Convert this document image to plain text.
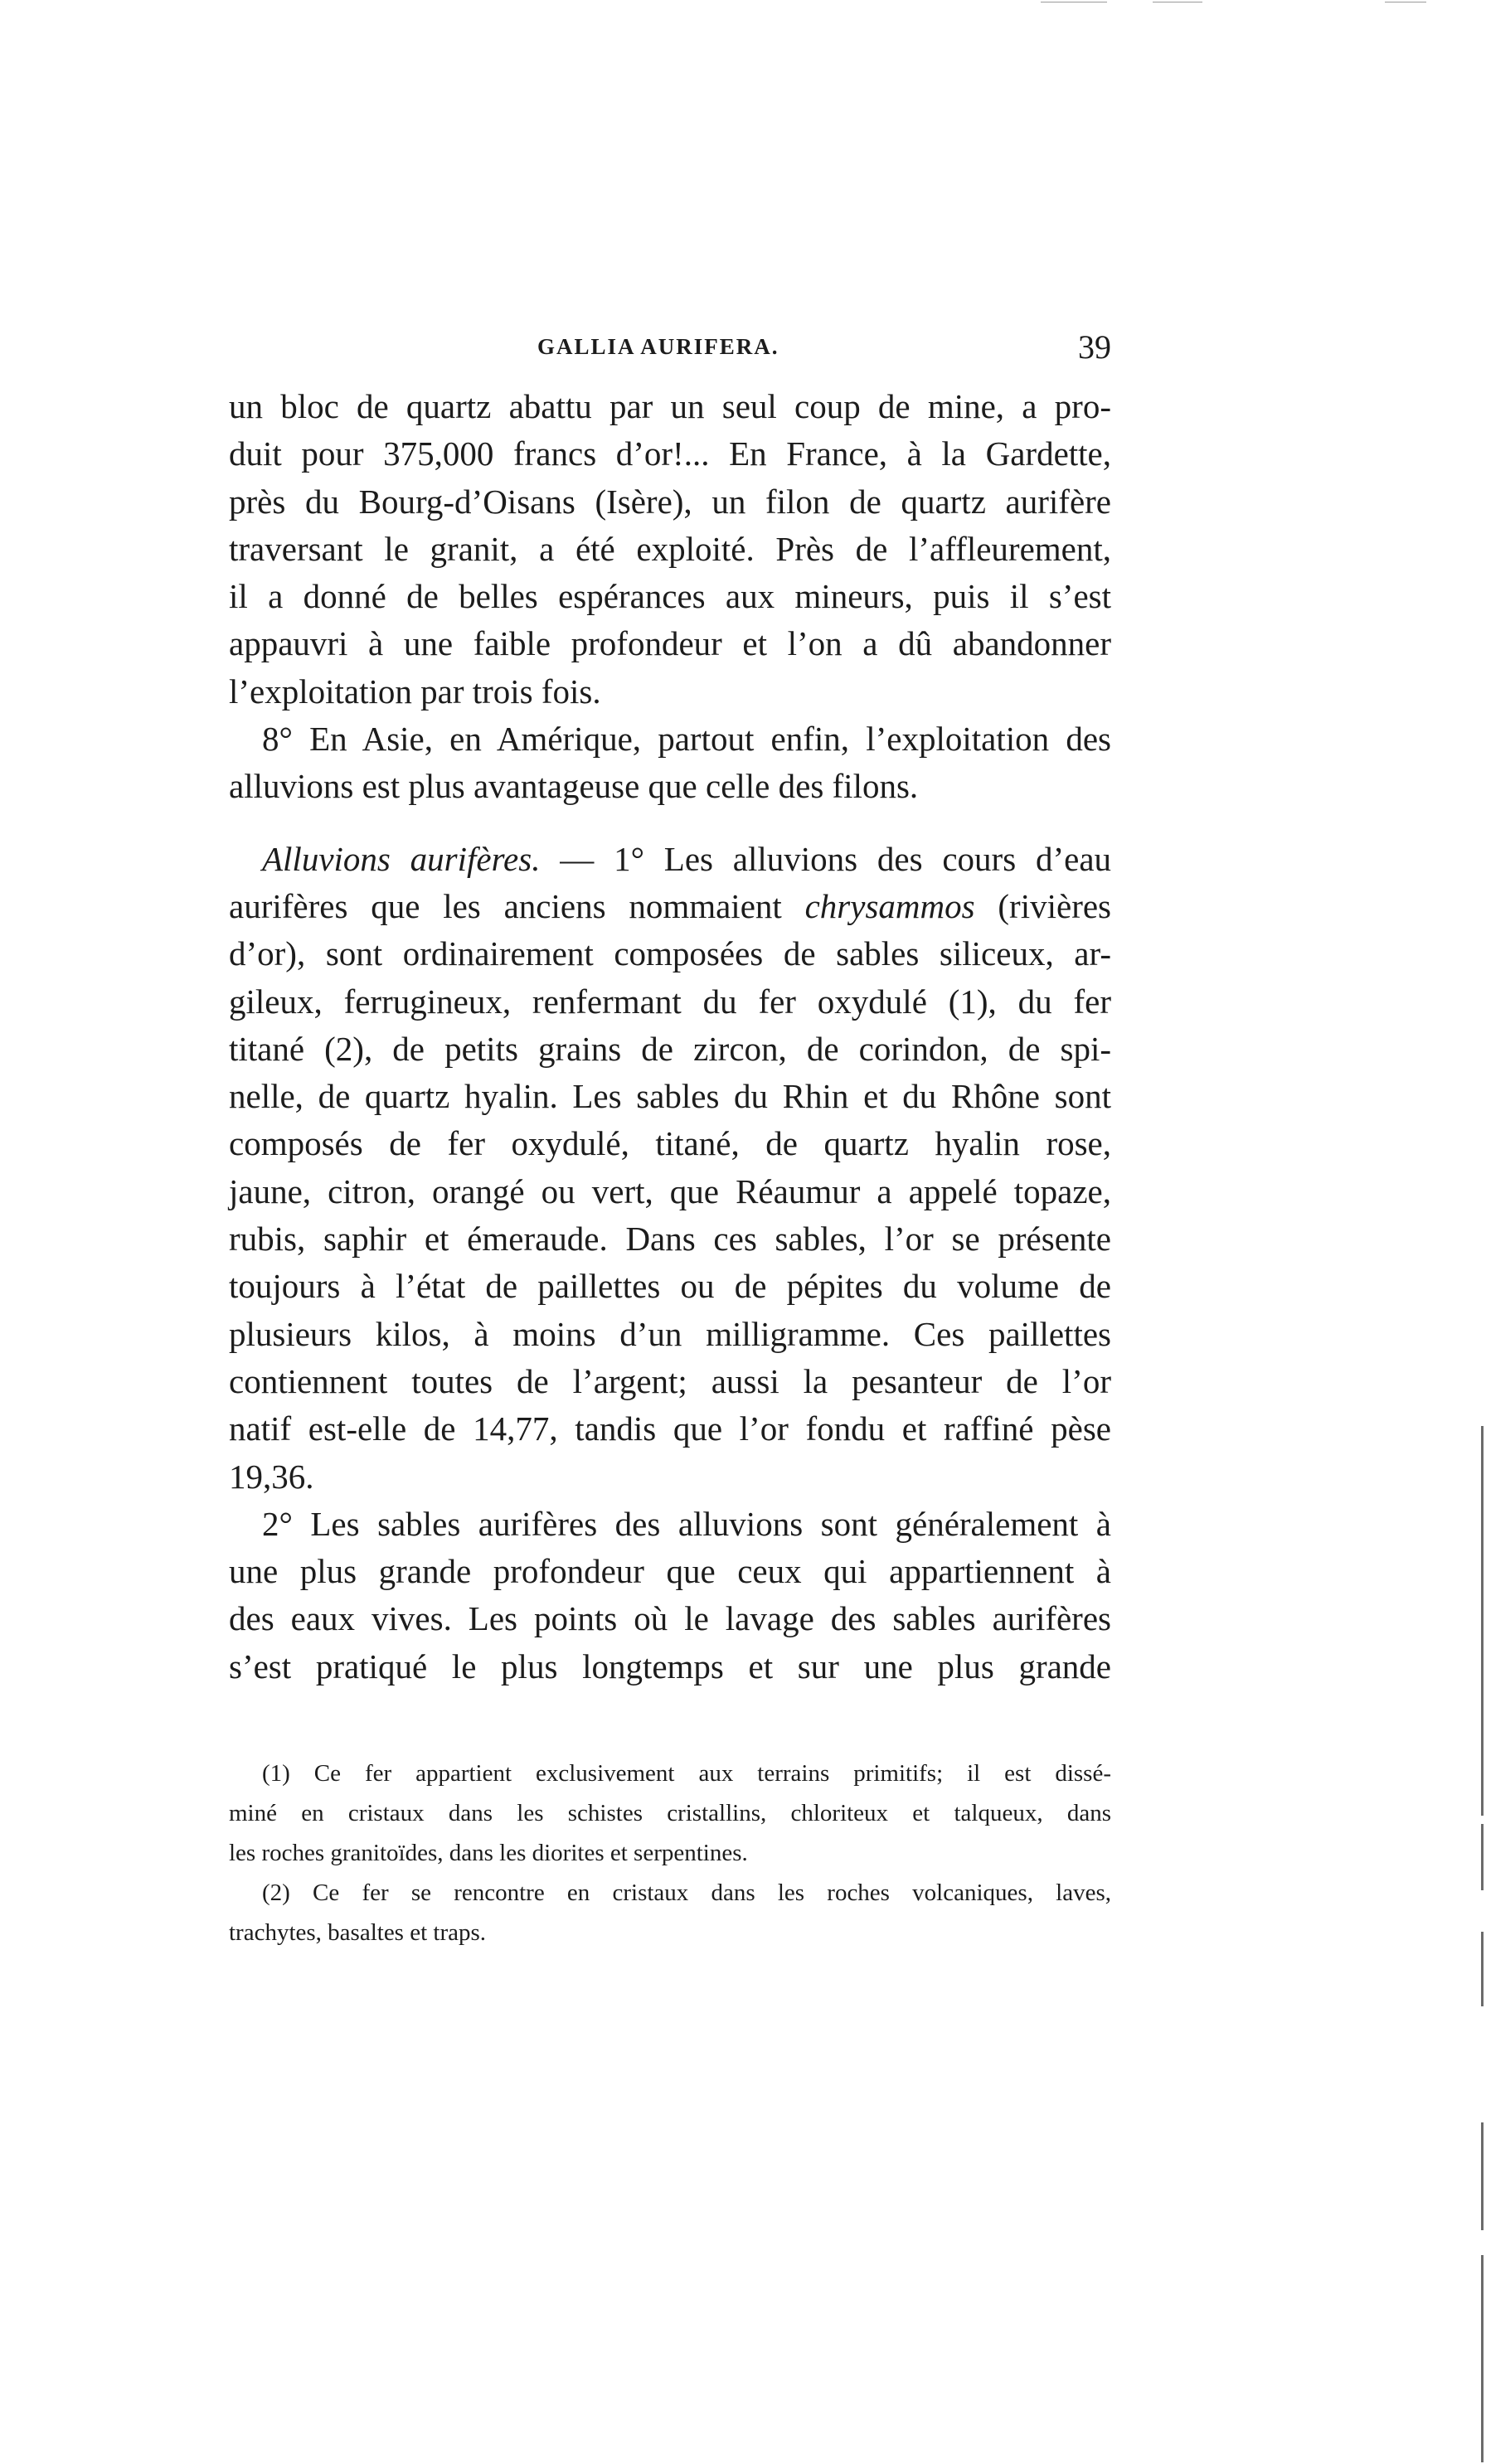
GALLIA AURIFERA.	39
un bloc de quartz abattu par un seul coup de mine, a pro-
duit pour 375,000 francs d’or!... En France, à la Gardette,
près du Bourg-d’Oisans (Isère), un filon de quartz aurifère
traversant le granit, a été exploité. Près de l’affleurement,
il a donné de belles espérances aux mineurs, puis il s’est
appauvri à une faible profondeur et l’on a dû abandonner
l’exploitation par trois fois.
8° En Asie, en Amérique, partout enfin, l’exploitation des
alluvions est plus avantageuse que celle des filons.
Alluvions aurifères. — 1° Les alluvions des cours d’eau
aurifères que les anciens nommaient chrysammos (rivières
d’or), sont ordinairement composées de sables siliceux, ar-
gileux, ferrugineux, renfermant du fer oxydulé (1), du fer
titané (2), de petits grains de zircon, de corindon, de spi-
nelle, de quartz hyalin. Les sables du Rhin et du Rhône sont
composés de fer oxydulé, titané, de quartz hyalin rose,
jaune, citron, orangé ou vert, que Réaumur a appelé topaze,
rubis, saphir et émeraude. Dans ces sables, l’or se présente
toujours à l’état de paillettes ou de pépites du volume de
plusieurs kilos, à moins d’un milligramme. Ces paillettes
contiennent toutes de l’argent; aussi la pesanteur de l’or
natif est-elle de 14,77, tandis que l’or fondu et raffiné pèse
19,36.
2° Les sables aurifères des alluvions sont généralement à
une plus grande profondeur que ceux qui appartiennent à
des eaux vives. Les points où le lavage des sables aurifères
s’est pratiqué le plus longtemps et sur une plus grande
(1) Ce fer appartient exclusivement aux terrains primitifs; il est dissé-
miné en cristaux dans les schistes cristallins, chloriteux et talqueux, dans
les roches granitoïdes, dans les diorites et serpentines.
(2) Ce fer se rencontre en cristaux dans les roches volcaniques, laves,
trachytes, basaltes et traps.
